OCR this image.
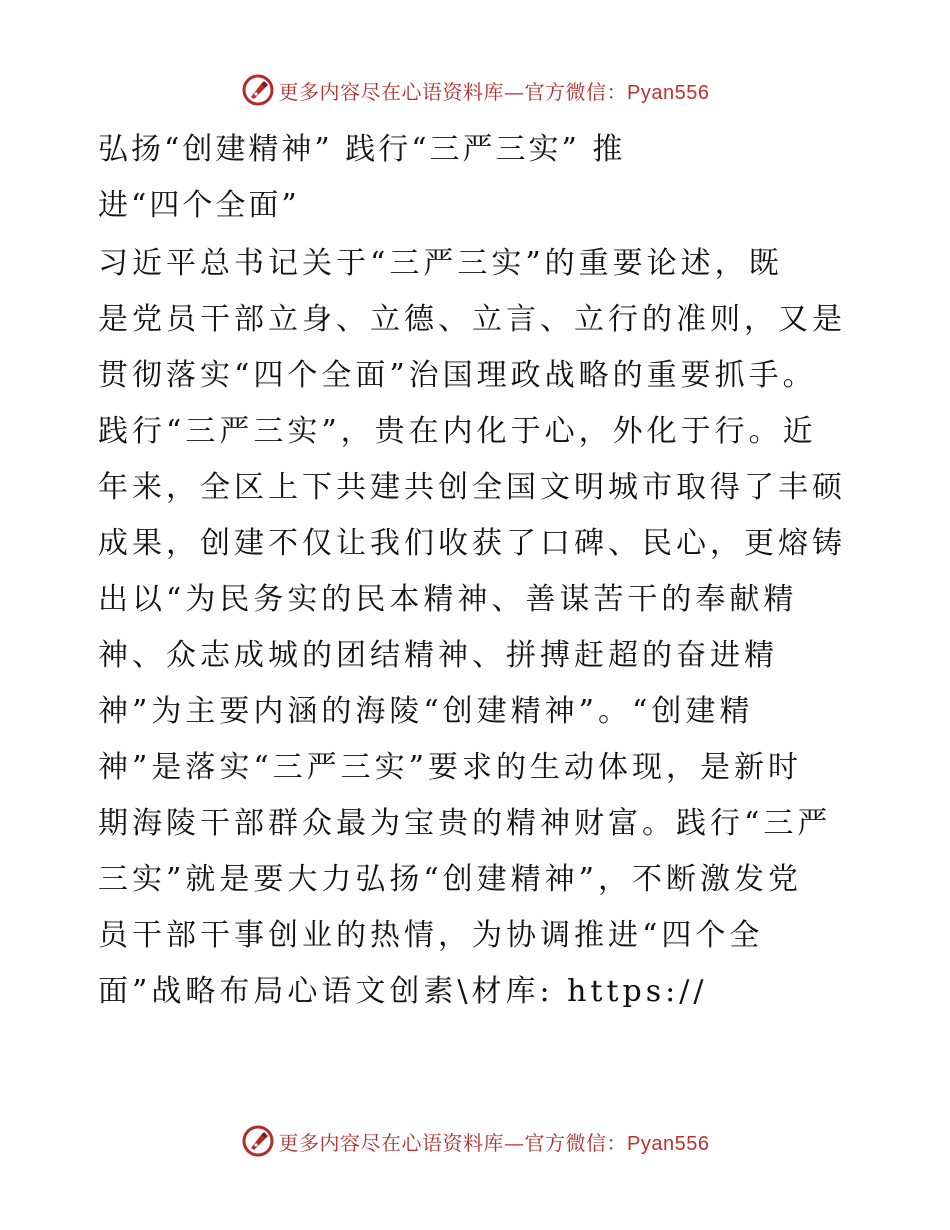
更多内容尽在心语资料库—官方微信：Pyan556
弘扬“创建精神” 践行“三严三实” 推
进“四个全面”
习近平总书记关于“三严三实”的重要论述，既
是党员干部立身、立德、立言、立行的准则，又是
贯彻落实“四个全面”治国理政战略的重要抓手。
践行“三严三实”，贵在内化于心，外化于行。近
年来，全区上下共建共创全国文明城市取得了丰硕
成果，创建不仅让我们收获了口碑、民心，更熔铸
出以“为民务实的民本精神、善谋苦干的奉献精
神、众志成城的团结精神、拼搏赶超的奋进精
神”为主要内涵的海陵“创建精神”。“创建精
神”是落实“三严三实”要求的生动体现，是新时
期海陵干部群众最为宝贵的精神财富。践行“三严
三实”就是要大力弘扬“创建精神”，不断激发党
员干部干事创业的热情，为协调推进“四个全
面”战略布局心语文创素\材库: https://
更多内容尽在心语资料库—官方微信：Pyan556
